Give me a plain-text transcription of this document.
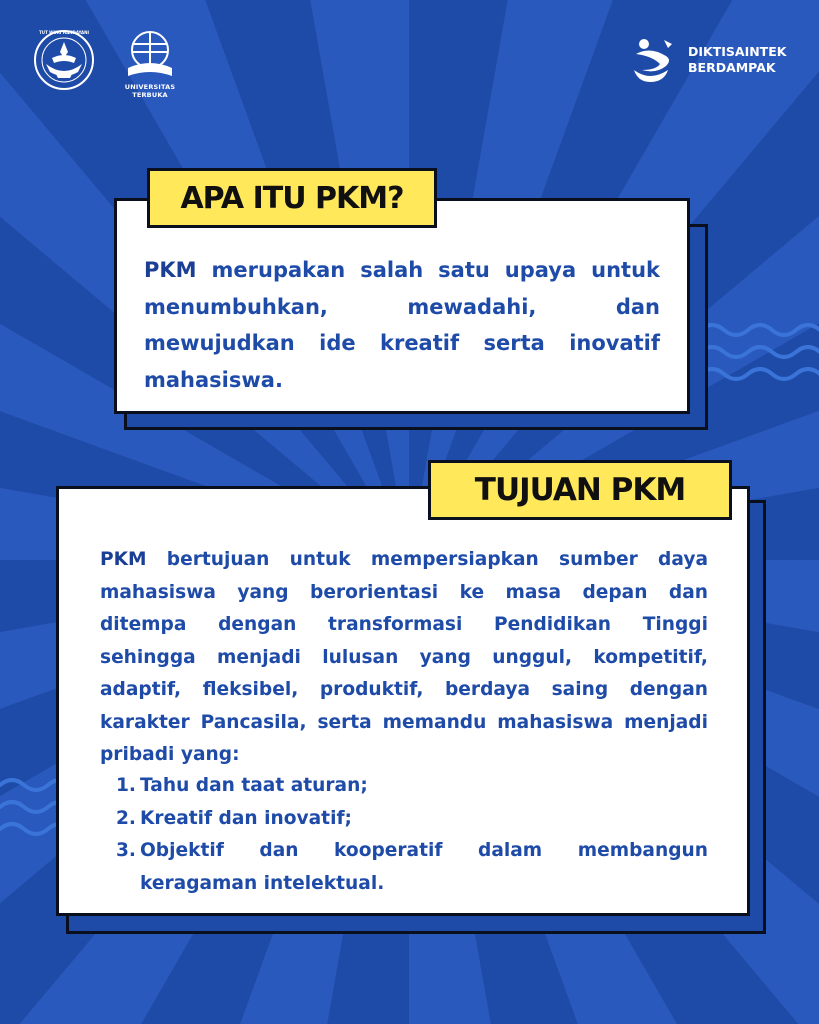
TUT WURI HANDAYANI
UNIVERSITAS TERBUKA
DIKTISAINTEK
BERDAMPAK
APA ITU PKM?
PKM merupakan salah satu upaya untuk menumbuhkan, mewadahi, dan mewujudkan ide kreatif serta inovatif mahasiswa.
TUJUAN PKM
PKM bertujuan untuk mempersiapkan sumber daya mahasiswa yang berorientasi ke masa depan dan ditempa dengan transformasi Pendidikan Tinggi sehingga menjadi lulusan yang unggul, kompetitif, adaptif, fleksibel, produktif, berdaya saing dengan karakter Pancasila, serta memandu mahasiswa menjadi pribadi yang:
1. Tahu dan taat aturan;
2. Kreatif dan inovatif;
3. Objektif dan kooperatif dalam membangun keragaman intelektual.
